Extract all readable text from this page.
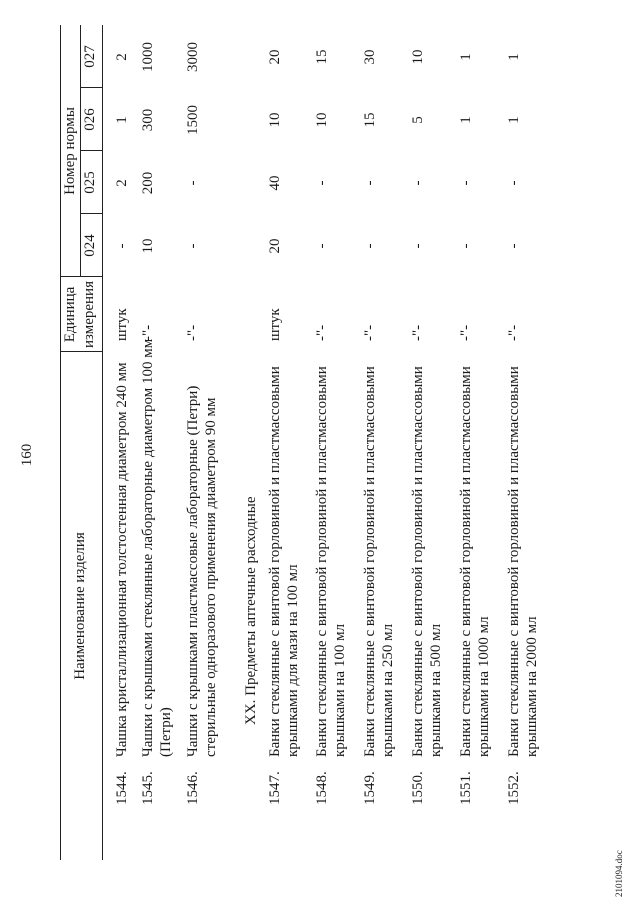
160
Наименование изделия
Единица измерения
Номер нормы
024
025
026
027
ХХ. Предметы аптечные расходные
1544.
Чашка кристаллизационная толстостенная диаметром 240 мм
штук
-
2
1
2
1545.
Чашки с крышками стеклянные лабораторные диаметром 100 мм (Петри)
-"-
10
200
300
1000
1546.
Чашки с крышками пластмассовые лабораторные (Петри) стерильные одноразового применения диаметром 90 мм
-"-
-
-
1500
3000
1547.
Банки стеклянные с винтовой горловиной и пластмассовыми крышками для мази на 100 мл
штук
20
40
10
20
1548.
Банки стеклянные с винтовой горловиной и пластмассовыми крышками на 100 мл
-"-
-
-
10
15
1549.
Банки стеклянные с винтовой горловиной и пластмассовыми крышками на 250 мл
-"-
-
-
15
30
1550.
Банки стеклянные с винтовой горловиной и пластмассовыми крышками на 500 мл
-"-
-
-
5
10
1551.
Банки стеклянные с винтовой горловиной и пластмассовыми крышками на 1000 мл
-"-
-
-
1
1
1552.
Банки стеклянные с винтовой горловиной и пластмассовыми крышками на 2000 мл
-"-
-
-
1
1
2101094.doc
